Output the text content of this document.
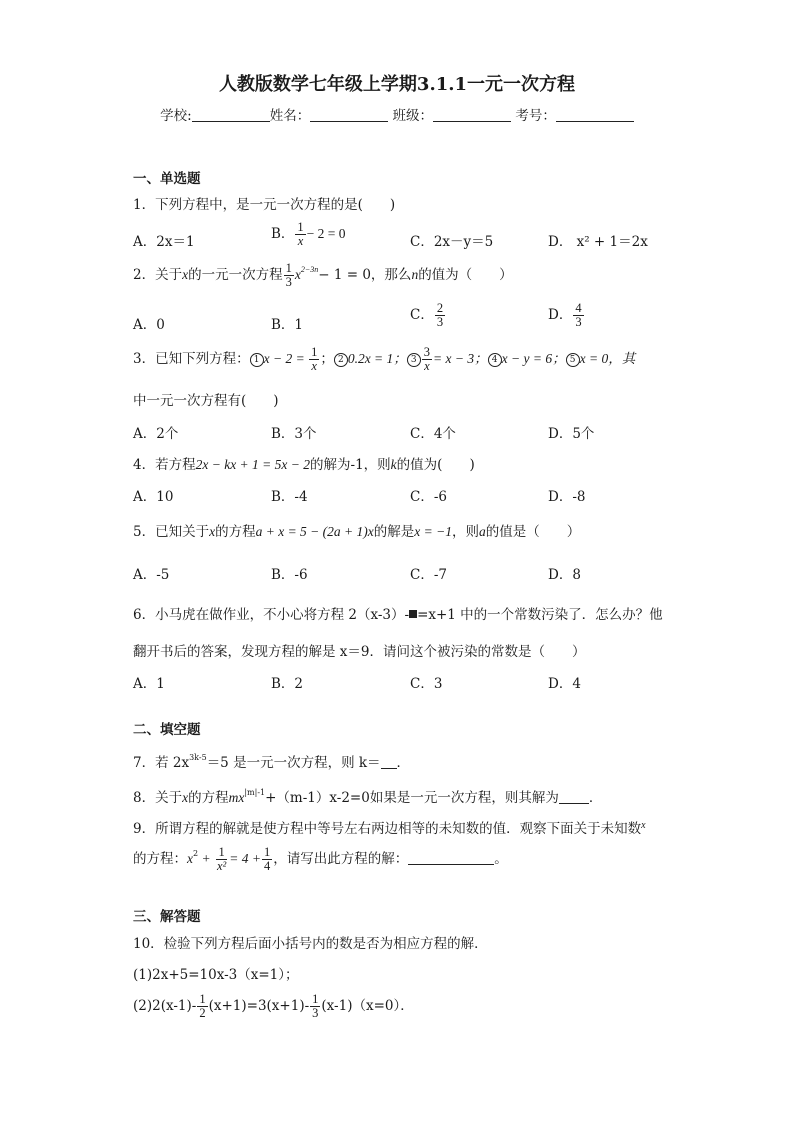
人教版数学七年级上学期3.1.1一元一次方程
学校:	姓名：	班级：	考号：
一、单选题
1．下列方程中，是一元一次方程的是(　　)
A．2x＝1	B． $\frac{1}{x} - 2 = 0$
C．2x－y＝5	D． x² + 1＝2x
2．关于x的一元一次方程 $\frac{1}{3} x^{2-3n}- 1 = 0$，那么n的值为（　　）
A．0	B．1
C． $\frac{2}{3}$	D． $\frac{4}{3}$
3．已知下列方程： 1 $x - 2 = \frac{1}{x}$ ； 2 0.2x = 1； $3 \frac{3}{x} = x - 3$； 4 x − y = 6； 5 x = 0，其
中一元一次方程有(　　)
A．2个	B．3个	C．4个	D．5个
4．若方程2x − kx + 1 = 5x − 2的解为-1，则k的值为(　　)
A．10	B．-4	C．-6	D．-8
5．已知关于x的方程a + x = 5 − (2a + 1)x的解是x = −1，则a的值是（　　）
A．-5	B．-6	C．-7	D．8
6．小马虎在做作业，不小心将方程 2（x-3）- =x+1 中的一个常数污染了．怎么办？他
翻开书后的答案，发现方程的解是 x＝9．请问这个被污染的常数是（　　）
A．1	B．2	C．3	D．4
二、填空题
7．若 $2x^{3k-5}=5$ 是一元一次方程，则 k＝ ．
8．关于x的方程$mx^{|m|-1}+(m-1)x-2=0$如果是一元一次方程，则其解为 ．
9．所谓方程的解就是使方程中等号左右两边相等的未知数的值．观察下面关于未知数$^x$
的方程：$x^2 + \frac{1}{\text{x²}} = 4 + \frac{1}{4}$ ，请写出此方程的解：	。
三、解答题
10．检验下列方程后面小括号内的数是否为相应方程的解．
(1)2x+5=10x-3（x=1）；
$(2)2(x-1)- \frac{1}{2} (x+1)=3(x+1)- \frac{1}{3} (x-1)(x=0)$．
